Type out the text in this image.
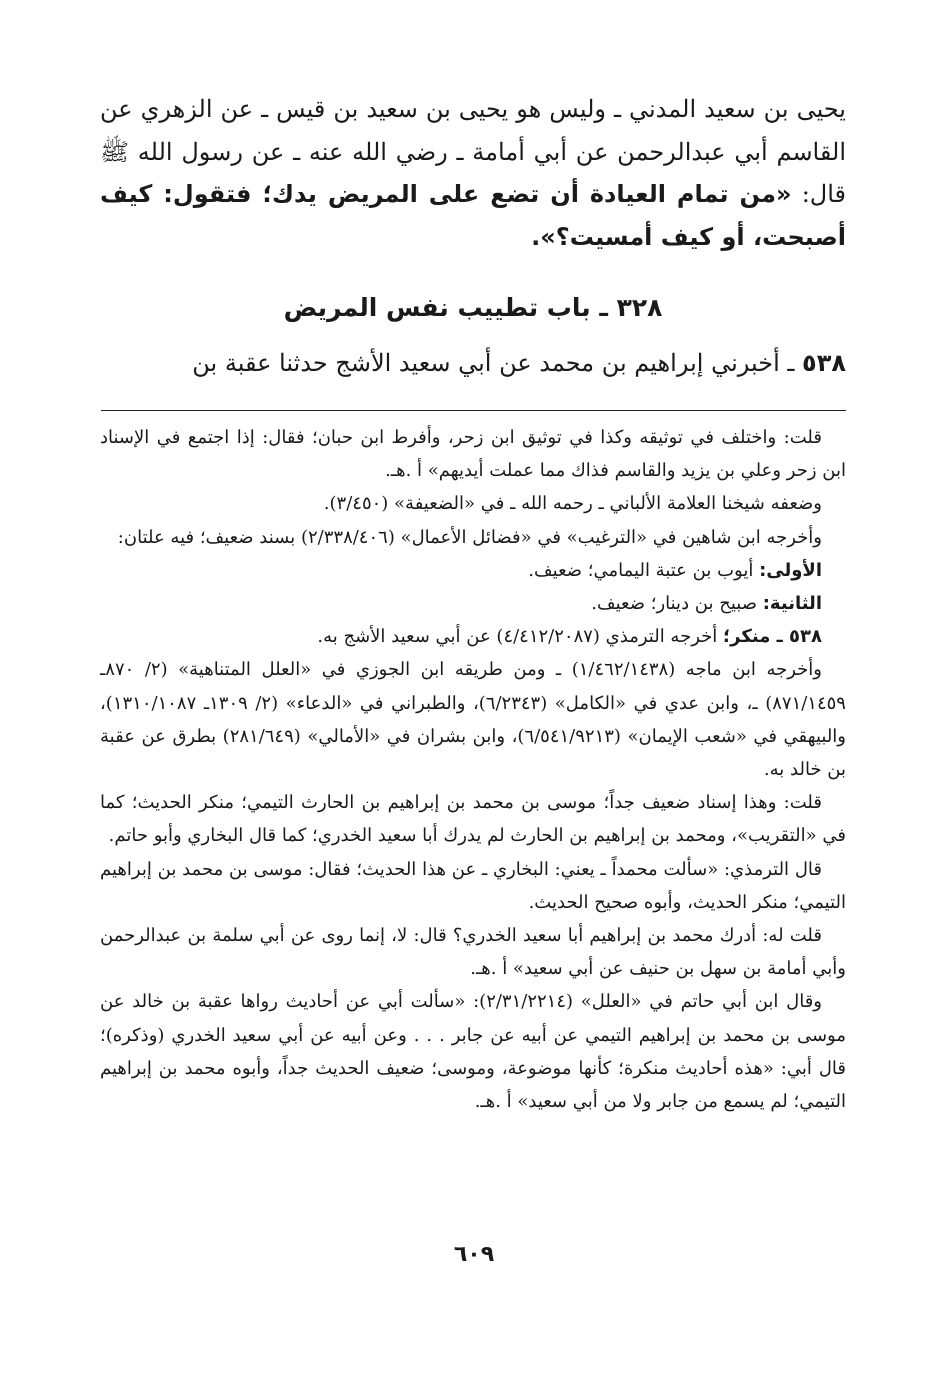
يحيى بن سعيد المدني ـ وليس هو يحيى بن سعيد بن قيس ـ عن الزهري عن القاسم أبي عبدالرحمن عن أبي أمامة ـ رضي الله عنه ـ عن رسول الله ﷺ قال: «من تمام العيادة أن تضع على المريض يدك؛ فتقول: كيف أصبحت، أو كيف أمسيت؟».

٣٢٨ ـ باب تطييب نفس المريض

٥٣٨ ـ أخبرني إبراهيم بن محمد عن أبي سعيد الأشج حدثنا عقبة بن

قلت: واختلف في توثيقه وكذا في توثيق ابن زحر، وأفرط ابن حبان؛ فقال: إذا اجتمع في الإسناد ابن زحر وعلي بن يزيد والقاسم فذاك مما عملت أيديهم» أ .هـ.

وضعفه شيخنا العلامة الألباني ـ رحمه الله ـ في «الضعيفة» (٣/٤٥٠).

وأخرجه ابن شاهين في «الترغيب» في «فضائل الأعمال» (٢/٣٣٨/٤٠٦) بسند ضعيف؛ فيه علتان:

الأولى: أيوب بن عتبة اليمامي؛ ضعيف.

الثانية: صبيح بن دينار؛ ضعيف.

٥٣٨ ـ منكر؛ أخرجه الترمذي (٤/٤١٢/٢٠٨٧) عن أبي سعيد الأشج به.

وأخرجه ابن ماجه (١/٤٦٢/١٤٣٨) ـ ومن طريقه ابن الجوزي في «العلل المتناهية» (٢/ ٨٧٠ـ ٨٧١/١٤٥٩) ـ، وابن عدي في «الكامل» (٦/٢٣٤٣)، والطبراني في «الدعاء» (٢/ ١٣٠٩ـ ١٣١٠/١٠٨٧)، والبيهقي في «شعب الإيمان» (٦/٥٤١/٩٢١٣)، وابن بشران في «الأمالي» (٢٨١/٦٤٩) بطرق عن عقبة بن خالد به.

قلت: وهذا إسناد ضعيف جداً؛ موسى بن محمد بن إبراهيم بن الحارث التيمي؛ منكر الحديث؛ كما في «التقريب»، ومحمد بن إبراهيم بن الحارث لم يدرك أبا سعيد الخدري؛ كما قال البخاري وأبو حاتم.

قال الترمذي: «سألت محمداً ـ يعني: البخاري ـ عن هذا الحديث؛ فقال: موسى بن محمد بن إبراهيم التيمي؛ منكر الحديث، وأبوه صحيح الحديث.

قلت له: أدرك محمد بن إبراهيم أبا سعيد الخدري؟ قال: لا، إنما روى عن أبي سلمة بن عبدالرحمن وأبي أمامة بن سهل بن حنيف عن أبي سعيد» أ .هـ.

وقال ابن أبي حاتم في «العلل» (٢/٣١/٢٢١٤): «سألت أبي عن أحاديث رواها عقبة بن خالد عن موسى بن محمد بن إبراهيم التيمي عن أبيه عن جابر . . . وعن أبيه عن أبي سعيد الخدري (وذكره)؛ قال أبي: «هذه أحاديث منكرة؛ كأنها موضوعة، وموسى؛ ضعيف الحديث جداً، وأبوه محمد بن إبراهيم التيمي؛ لم يسمع من جابر ولا من أبي سعيد» أ .هـ.

٦٠٩
